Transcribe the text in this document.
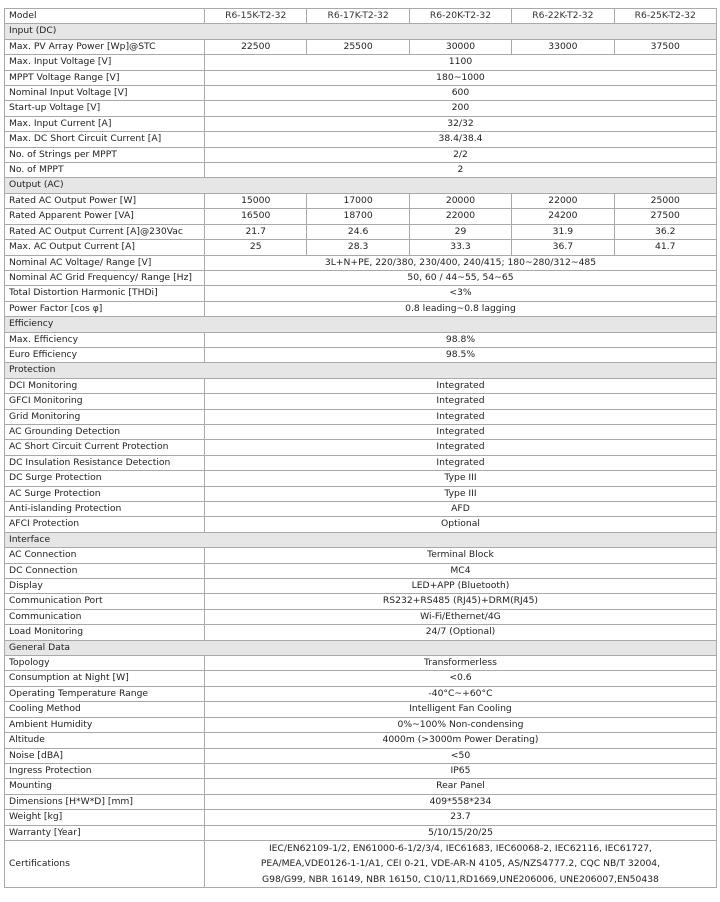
Model	R6-15K-T2-32	R6-17K-T2-32	R6-20K-T2-32	R6-22K-T2-32	R6-25K-T2-32
Input (DC)					
Max. PV Array Power [Wp]@STC	22500	25500	30000	33000	37500
Max. Input Voltage [V]	1100				
MPPT Voltage Range [V]	180~1000				
Nominal Input Voltage [V]	600				
Start-up Voltage [V]	200				
Max. Input Current [A]	32/32				
Max. DC Short Circuit Current [A]	38.4/38.4				
No. of Strings per MPPT	2/2				
No. of MPPT	2				
Output (AC)					
Rated AC Output Power [W]	15000	17000	20000	22000	25000
Rated Apparent Power [VA]	16500	18700	22000	24200	27500
Rated AC Output Current [A]@230Vac	21.7	24.6	29	31.9	36.2
Max. AC Output Current [A]	25	28.3	33.3	36.7	41.7
Nominal AC Voltage/ Range [V]	3L+N+PE, 220/380, 230/400, 240/415; 180~280/312~485				
Nominal AC Grid Frequency/ Range [Hz]	50, 60 / 44~55, 54~65				
Total Distortion Harmonic [THDi]	<3%				
Power Factor [cos φ]	0.8 leading~0.8 lagging				
Efficiency					
Max. Efficiency	98.8%				
Euro Efficiency	98.5%				
Protection					
DCI Monitoring	Integrated				
GFCI Monitoring	Integrated				
Grid Monitoring	Integrated				
AC Grounding Detection	Integrated				
AC Short Circuit Current Protection	Integrated				
DC Insulation Resistance Detection	Integrated				
DC Surge Protection	Type III				
AC Surge Protection	Type III				
Anti-islanding Protection	AFD				
AFCI Protection	Optional				
Interface					
AC Connection	Terminal Block				
DC Connection	MC4				
Display	LED+APP (Bluetooth)				
Communication Port	RS232+RS485 (RJ45)+DRM(RJ45)				
Communication	Wi-Fi/Ethernet/4G				
Load Monitoring	24/7 (Optional)				
General Data					
Topology	Transformerless				
Consumption at Night [W]	<0.6				
Operating Temperature Range	-40°C~+60°C				
Cooling Method	Intelligent Fan Cooling				
Ambient Humidity	0%~100% Non-condensing				
Altitude	4000m (>3000m Power Derating)				
Noise [dBA]	<50				
Ingress Protection	IP65				
Mounting	Rear Panel				
Dimensions [H*W*D] [mm]	409*558*234				
Weight [kg]	23.7				
Warranty [Year]	5/10/15/20/25				
Certifications	IEC/EN62109-1/2, EN61000-6-1/2/3/4, IEC61683, IEC60068-2, IEC62116, IEC61727,
PEA/MEA,VDE0126-1-1/A1, CEI 0-21, VDE-AR-N 4105, AS/NZS4777.2, CQC NB/T 32004,
G98/G99, NBR 16149, NBR 16150, C10/11,RD1669,UNE206006, UNE206007,EN50438				
